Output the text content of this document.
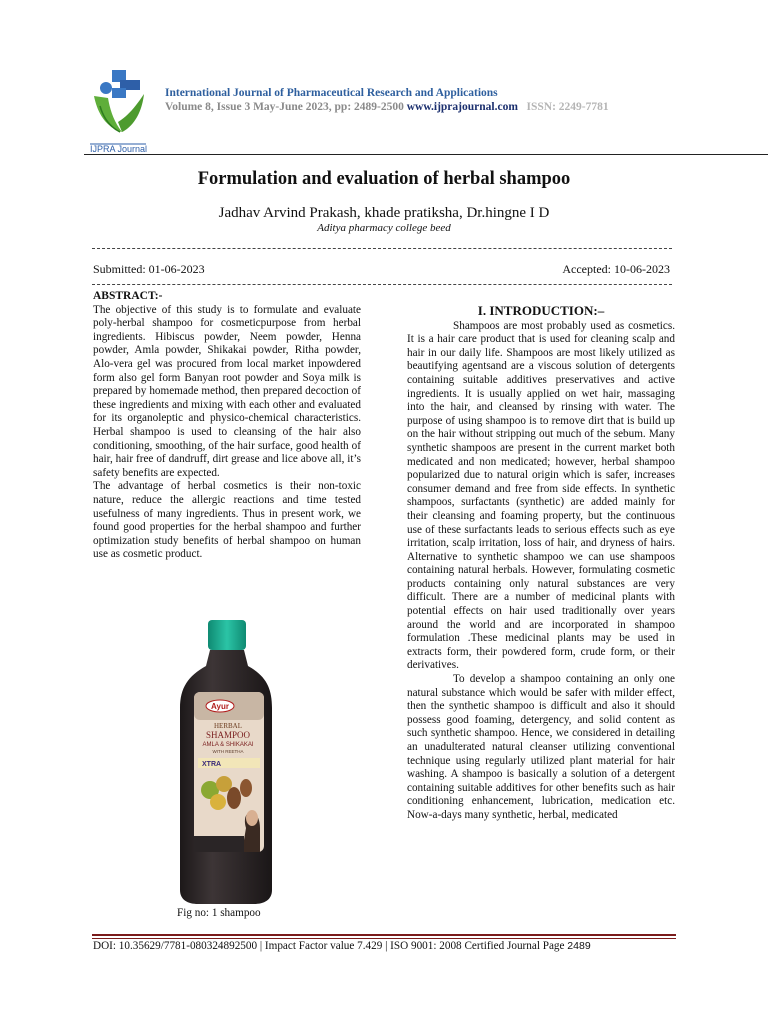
IJPRA Journal
International Journal of Pharmaceutical Research and Applications
Volume 8, Issue 3 May-June 2023, pp: 2489-2500 www.ijprajournal.com ISSN: 2249-7781
Formulation and evaluation of herbal shampoo
Jadhav Arvind Prakash, khade pratiksha, Dr.hingne I D
Aditya pharmacy college beed
Submitted: 01-06-2023	Accepted: 10-06-2023
ABSTRACT:-

The objective of this study is to formulate and evaluate poly-herbal shampoo for cosmeticpurpose from herbal ingredients. Hibiscus powder, Neem powder, Henna powder, Amla powder, Shikakai powder, Ritha powder, Alo-vera gel was procured from local market inpowdered form also gel form Banyan root powder and Soya milk is prepared by homemade method, then prepared decoction of these ingredients and mixing with each other and evaluated for its organoleptic and physico-chemical characteristics. Herbal shampoo is used to cleansing of the hair also conditioning, smoothing, of the hair surface, good health of hair, hair free of dandruff, dirt grease and lice above all, it’s safety benefits are expected.

The advantage of herbal cosmetics is their non-toxic nature, reduce the allergic reactions and time tested usefulness of many ingredients. Thus in present work, we found good properties for the herbal shampoo and further optimization study benefits of herbal shampoo on human use as cosmetic product.

Ayur
HERBAL
SHAMPOO
AMLA & SHIKAKAI
WITH REETHA
XTRA
Fig no: 1 shampoo
I. INTRODUCTION:–

Shampoos are most probably used as cosmetics. It is a hair care product that is used for cleaning scalp and hair in our daily life. Shampoos are most likely utilized as beautifying agentsand are a viscous solution of detergents containing suitable additives preservatives and active ingredients. It is usually applied on wet hair, massaging into the hair, and cleansed by rinsing with water. The purpose of using shampoo is to remove dirt that is build up on the hair without stripping out much of the sebum. Many synthetic shampoos are present in the current market both medicated and non medicated; however, herbal shampoo popularized due to natural origin which is safer, increases consumer demand and free from side effects. In synthetic shampoos, surfactants (synthetic) are added mainly for their cleansing and foaming property, but the continuous use of these surfactants leads to serious effects such as eye irritation, scalp irritation, loss of hair, and dryness of hairs. Alternative to synthetic shampoo we can use shampoos containing natural herbals. However, formulating cosmetic products containing only natural substances are very difficult. There are a number of medicinal plants with potential effects on hair used traditionally over years around the world and are incorporated in shampoo formulation .These medicinal plants may be used in extracts form, their powdered form, crude form, or their derivatives.

To develop a shampoo containing an only one natural substance which would be safer with milder effect, then the synthetic shampoo is difficult and also it should possess good foaming, detergency, and solid content as such synthetic shampoo. Hence, we considered in detailing an unadulterated natural cleanser utilizing conventional technique using regularly utilized plant material for hair washing. A shampoo is basically a solution of a detergent containing suitable additives for other benefits such as hair conditioning enhancement, lubrication, medication etc. Now-a-days many synthetic, herbal, medicated

DOI: 10.35629/7781-080324892500 | Impact Factor value 7.429 | ISO 9001: 2008 Certified Journal Page 2489
